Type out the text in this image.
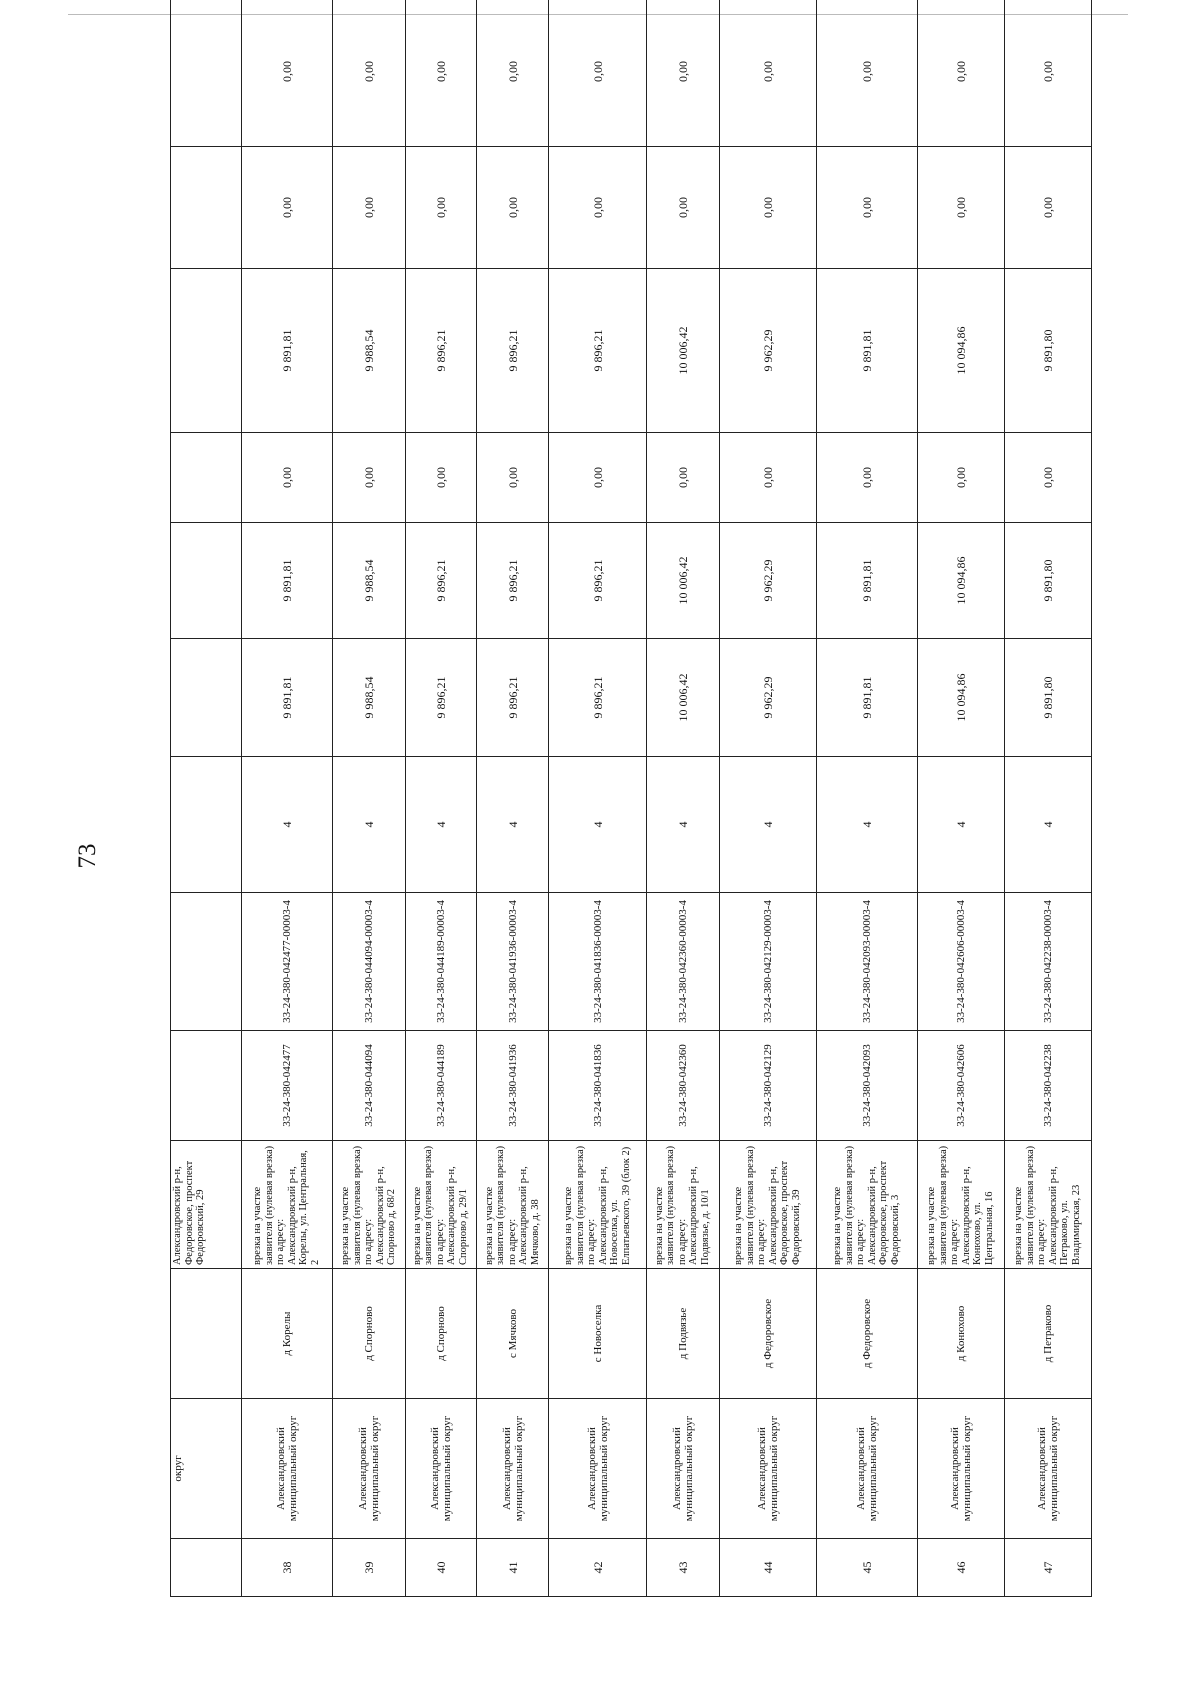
73
	округ		Александровский р-н, Федоровское, проспект Федоровский, 29									
38	Александровский муниципальный округ	д Корелы	врезка на участке заявителя (нулевая врезка) по адресу: Александровский р-н, Корелы, ул. Центральная, 2	33-24-380-042477	33-24-380-042477-00003-4	4	9 891,81	9 891,81	0,00	9 891,81	0,00	0,00
39	Александровский муниципальный округ	д Спорново	врезка на участке заявителя (нулевая врезка) по адресу: Александровский р-н, Спорново д, 68/2	33-24-380-044094	33-24-380-044094-00003-4	4	9 988,54	9 988,54	0,00	9 988,54	0,00	0,00
40	Александровский муниципальный округ	д Спорново	врезка на участке заявителя (нулевая врезка) по адресу: Александровский р-н, Спорново д, 29/1	33-24-380-044189	33-24-380-044189-00003-4	4	9 896,21	9 896,21	0,00	9 896,21	0,00	0,00
41	Александровский муниципальный округ	с Мячково	врезка на участке заявителя (нулевая врезка) по адресу: Александровский р-н, Мячково, д. 38	33-24-380-041936	33-24-380-041936-00003-4	4	9 896,21	9 896,21	0,00	9 896,21	0,00	0,00
42	Александровский муниципальный округ	с Новоселка	врезка на участке заявителя (нулевая врезка) по адресу: Александровский р-н, Новоселка, ул. Елпатьевского, 39 (блок 2)	33-24-380-041836	33-24-380-041836-00003-4	4	9 896,21	9 896,21	0,00	9 896,21	0,00	0,00
43	Александровский муниципальный округ	д Подвязье	врезка на участке заявителя (нулевая врезка) по адресу: Александровский р-н, Подвязье, д. 10/1	33-24-380-042360	33-24-380-042360-00003-4	4	10 006,42	10 006,42	0,00	10 006,42	0,00	0,00
44	Александровский муниципальный округ	д Федоровское	врезка на участке заявителя (нулевая врезка) по адресу: Александровский р-н, Федоровское, проспект Федоровский, 39	33-24-380-042129	33-24-380-042129-00003-4	4	9 962,29	9 962,29	0,00	9 962,29	0,00	0,00
45	Александровский муниципальный округ	д Федоровское	врезка на участке заявителя (нулевая врезка) по адресу: Александровский р-н, Федоровское, проспект Федоровский, 3	33-24-380-042093	33-24-380-042093-00003-4	4	9 891,81	9 891,81	0,00	9 891,81	0,00	0,00
46	Александровский муниципальный округ	д Конюхово	врезка на участке заявителя (нулевая врезка) по адресу: Александровский р-н, Конюхово, ул. Центральная, 16	33-24-380-042606	33-24-380-042606-00003-4	4	10 094,86	10 094,86	0,00	10 094,86	0,00	0,00
47	Александровский муниципальный округ	д Петраково	врезка на участке заявителя (нулевая врезка) по адресу: Александровский р-н, Петраково, ул. Владимирская, 23	33-24-380-042238	33-24-380-042238-00003-4	4	9 891,80	9 891,80	0,00	9 891,80	0,00	0,00
